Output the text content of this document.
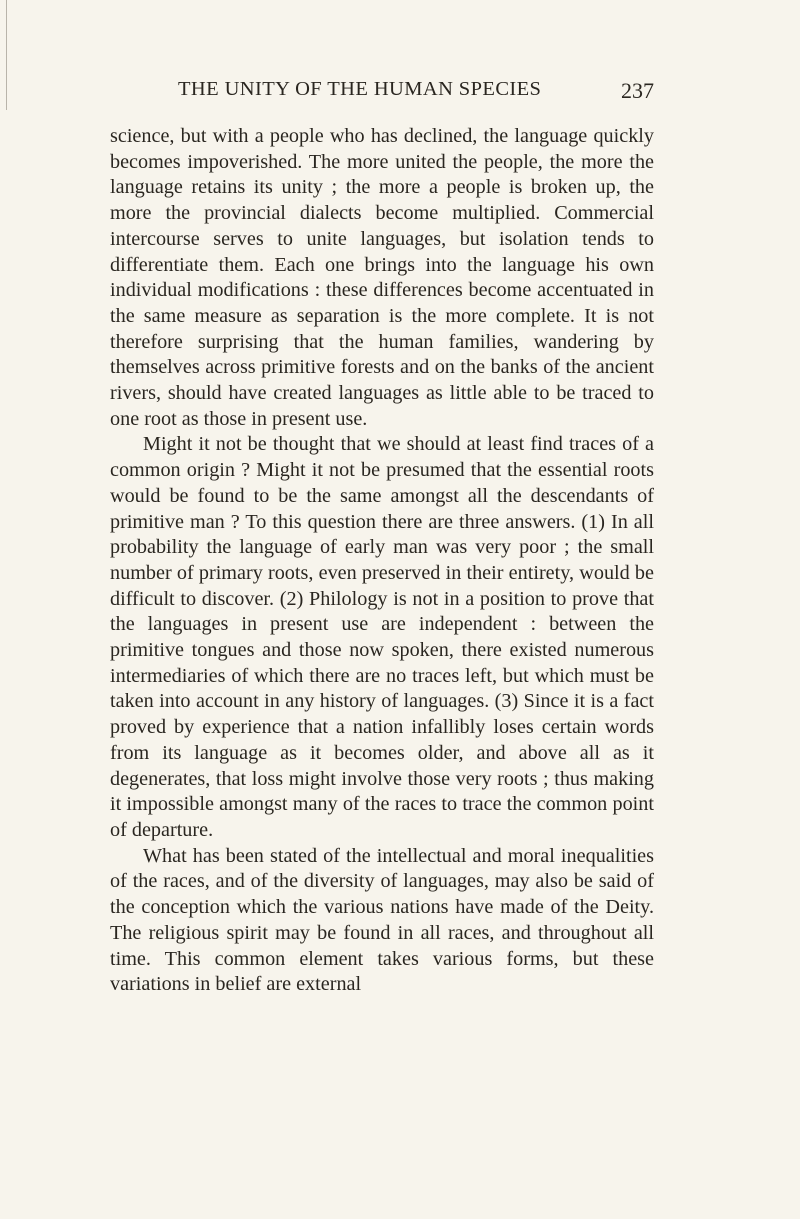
THE UNITY OF THE HUMAN SPECIES	237

science, but with a people who has declined, the language quickly becomes impoverished. The more united the people, the more the language retains its unity ; the more a people is broken up, the more the provincial dialects become multiplied. Commercial intercourse serves to unite languages, but isolation tends to differentiate them. Each one brings into the language his own individual modifications : these differences become accentuated in the same measure as separation is the more complete. It is not therefore surprising that the human families, wandering by themselves across primitive forests and on the banks of the ancient rivers, should have created languages as little able to be traced to one root as those in present use.

Might it not be thought that we should at least find traces of a common origin ? Might it not be presumed that the essential roots would be found to be the same amongst all the descendants of primitive man ? To this question there are three answers. (1) In all probability the language of early man was very poor ; the small number of primary roots, even preserved in their entirety, would be difficult to discover. (2) Philology is not in a position to prove that the languages in present use are independent : between the primitive tongues and those now spoken, there existed numerous intermediaries of which there are no traces left, but which must be taken into account in any history of languages. (3) Since it is a fact proved by experience that a nation infallibly loses certain words from its language as it becomes older, and above all as it degenerates, that loss might involve those very roots ; thus making it impossible amongst many of the races to trace the common point of departure.

What has been stated of the intellectual and moral inequalities of the races, and of the diversity of languages, may also be said of the conception which the various nations have made of the Deity. The religious spirit may be found in all races, and throughout all time. This common element takes various forms, but these variations in belief are external
